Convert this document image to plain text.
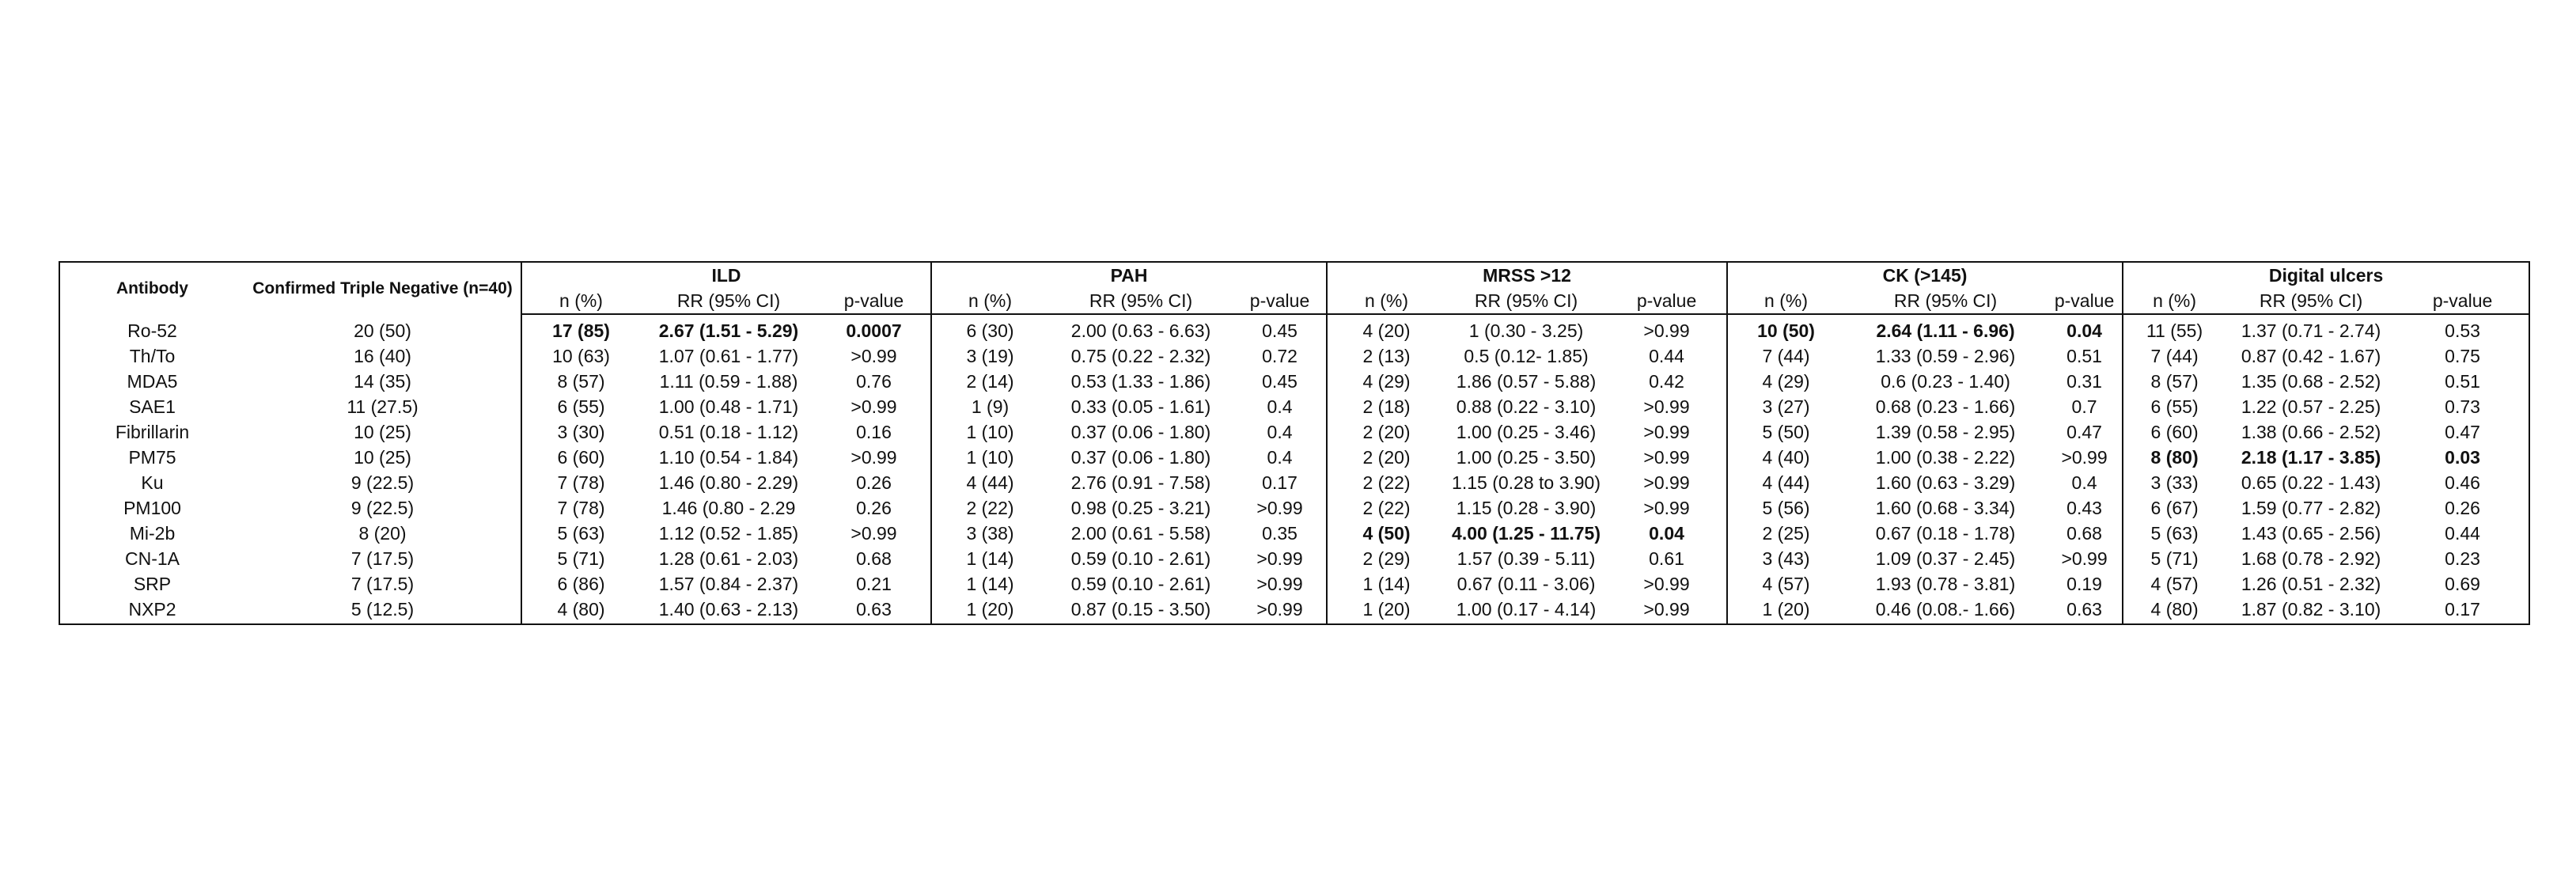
Antibody	Confirmed Triple Negative (n=40)	ILD			PAH			MRSS >12			CK (>145)			Digital ulcers		
		n (%)	RR (95% CI)	p-value	n (%)	RR (95% CI)	p-value	n (%)	RR (95% CI)	p-value	n (%)	RR (95% CI)	p-value	n (%)	RR (95% CI)	p-value
Ro-52	20 (50)	17 (85)	2.67 (1.51 - 5.29)	0.0007	6 (30)	2.00 (0.63 - 6.63)	0.45	4 (20)	1 (0.30 - 3.25)	>0.99	10 (50)	2.64 (1.11 - 6.96)	0.04	11 (55)	1.37 (0.71 - 2.74)	0.53
Th/To	16 (40)	10 (63)	1.07 (0.61 - 1.77)	>0.99	3 (19)	0.75 (0.22 - 2.32)	0.72	2 (13)	0.5 (0.12- 1.85)	0.44	7 (44)	1.33 (0.59 - 2.96)	0.51	7 (44)	0.87 (0.42 - 1.67)	0.75
MDA5	14 (35)	8 (57)	1.11 (0.59 - 1.88)	0.76	2 (14)	0.53 (1.33 - 1.86)	0.45	4 (29)	1.86 (0.57 - 5.88)	0.42	4 (29)	0.6 (0.23 - 1.40)	0.31	8 (57)	1.35 (0.68 - 2.52)	0.51
SAE1	11 (27.5)	6 (55)	1.00 (0.48 - 1.71)	>0.99	1 (9)	0.33 (0.05 - 1.61)	0.4	2 (18)	0.88 (0.22 - 3.10)	>0.99	3 (27)	0.68 (0.23 - 1.66)	0.7	6 (55)	1.22 (0.57 - 2.25)	0.73
Fibrillarin	10 (25)	3 (30)	0.51 (0.18 - 1.12)	0.16	1 (10)	0.37 (0.06 - 1.80)	0.4	2 (20)	1.00 (0.25 - 3.46)	>0.99	5 (50)	1.39 (0.58 - 2.95)	0.47	6 (60)	1.38 (0.66 - 2.52)	0.47
PM75	10 (25)	6 (60)	1.10 (0.54 - 1.84)	>0.99	1 (10)	0.37 (0.06 - 1.80)	0.4	2 (20)	1.00 (0.25 - 3.50)	>0.99	4 (40)	1.00 (0.38 - 2.22)	>0.99	8 (80)	2.18 (1.17 - 3.85)	0.03
Ku	9 (22.5)	7 (78)	1.46 (0.80 - 2.29)	0.26	4 (44)	2.76 (0.91 - 7.58)	0.17	2 (22)	1.15 (0.28 to 3.90)	>0.99	4 (44)	1.60 (0.63 - 3.29)	0.4	3 (33)	0.65 (0.22 - 1.43)	0.46
PM100	9 (22.5)	7 (78)	1.46 (0.80 - 2.29	0.26	2 (22)	0.98 (0.25 - 3.21)	>0.99	2 (22)	1.15 (0.28 - 3.90)	>0.99	5 (56)	1.60 (0.68 - 3.34)	0.43	6 (67)	1.59 (0.77 - 2.82)	0.26
Mi-2b	8 (20)	5 (63)	1.12 (0.52 - 1.85)	>0.99	3 (38)	2.00 (0.61 - 5.58)	0.35	4 (50)	4.00 (1.25 - 11.75)	0.04	2 (25)	0.67 (0.18 - 1.78)	0.68	5 (63)	1.43 (0.65 - 2.56)	0.44
CN-1A	7 (17.5)	5 (71)	1.28 (0.61 - 2.03)	0.68	1 (14)	0.59 (0.10 - 2.61)	>0.99	2 (29)	1.57 (0.39 - 5.11)	0.61	3 (43)	1.09 (0.37 - 2.45)	>0.99	5 (71)	1.68 (0.78 - 2.92)	0.23
SRP	7 (17.5)	6 (86)	1.57 (0.84 - 2.37)	0.21	1 (14)	0.59 (0.10 - 2.61)	>0.99	1 (14)	0.67 (0.11 - 3.06)	>0.99	4 (57)	1.93 (0.78 - 3.81)	0.19	4 (57)	1.26 (0.51 - 2.32)	0.69
NXP2	5 (12.5)	4 (80)	1.40 (0.63 - 2.13)	0.63	1 (20)	0.87 (0.15 - 3.50)	>0.99	1 (20)	1.00 (0.17 - 4.14)	>0.99	1 (20)	0.46 (0.08.- 1.66)	0.63	4 (80)	1.87 (0.82 - 3.10)	0.17
